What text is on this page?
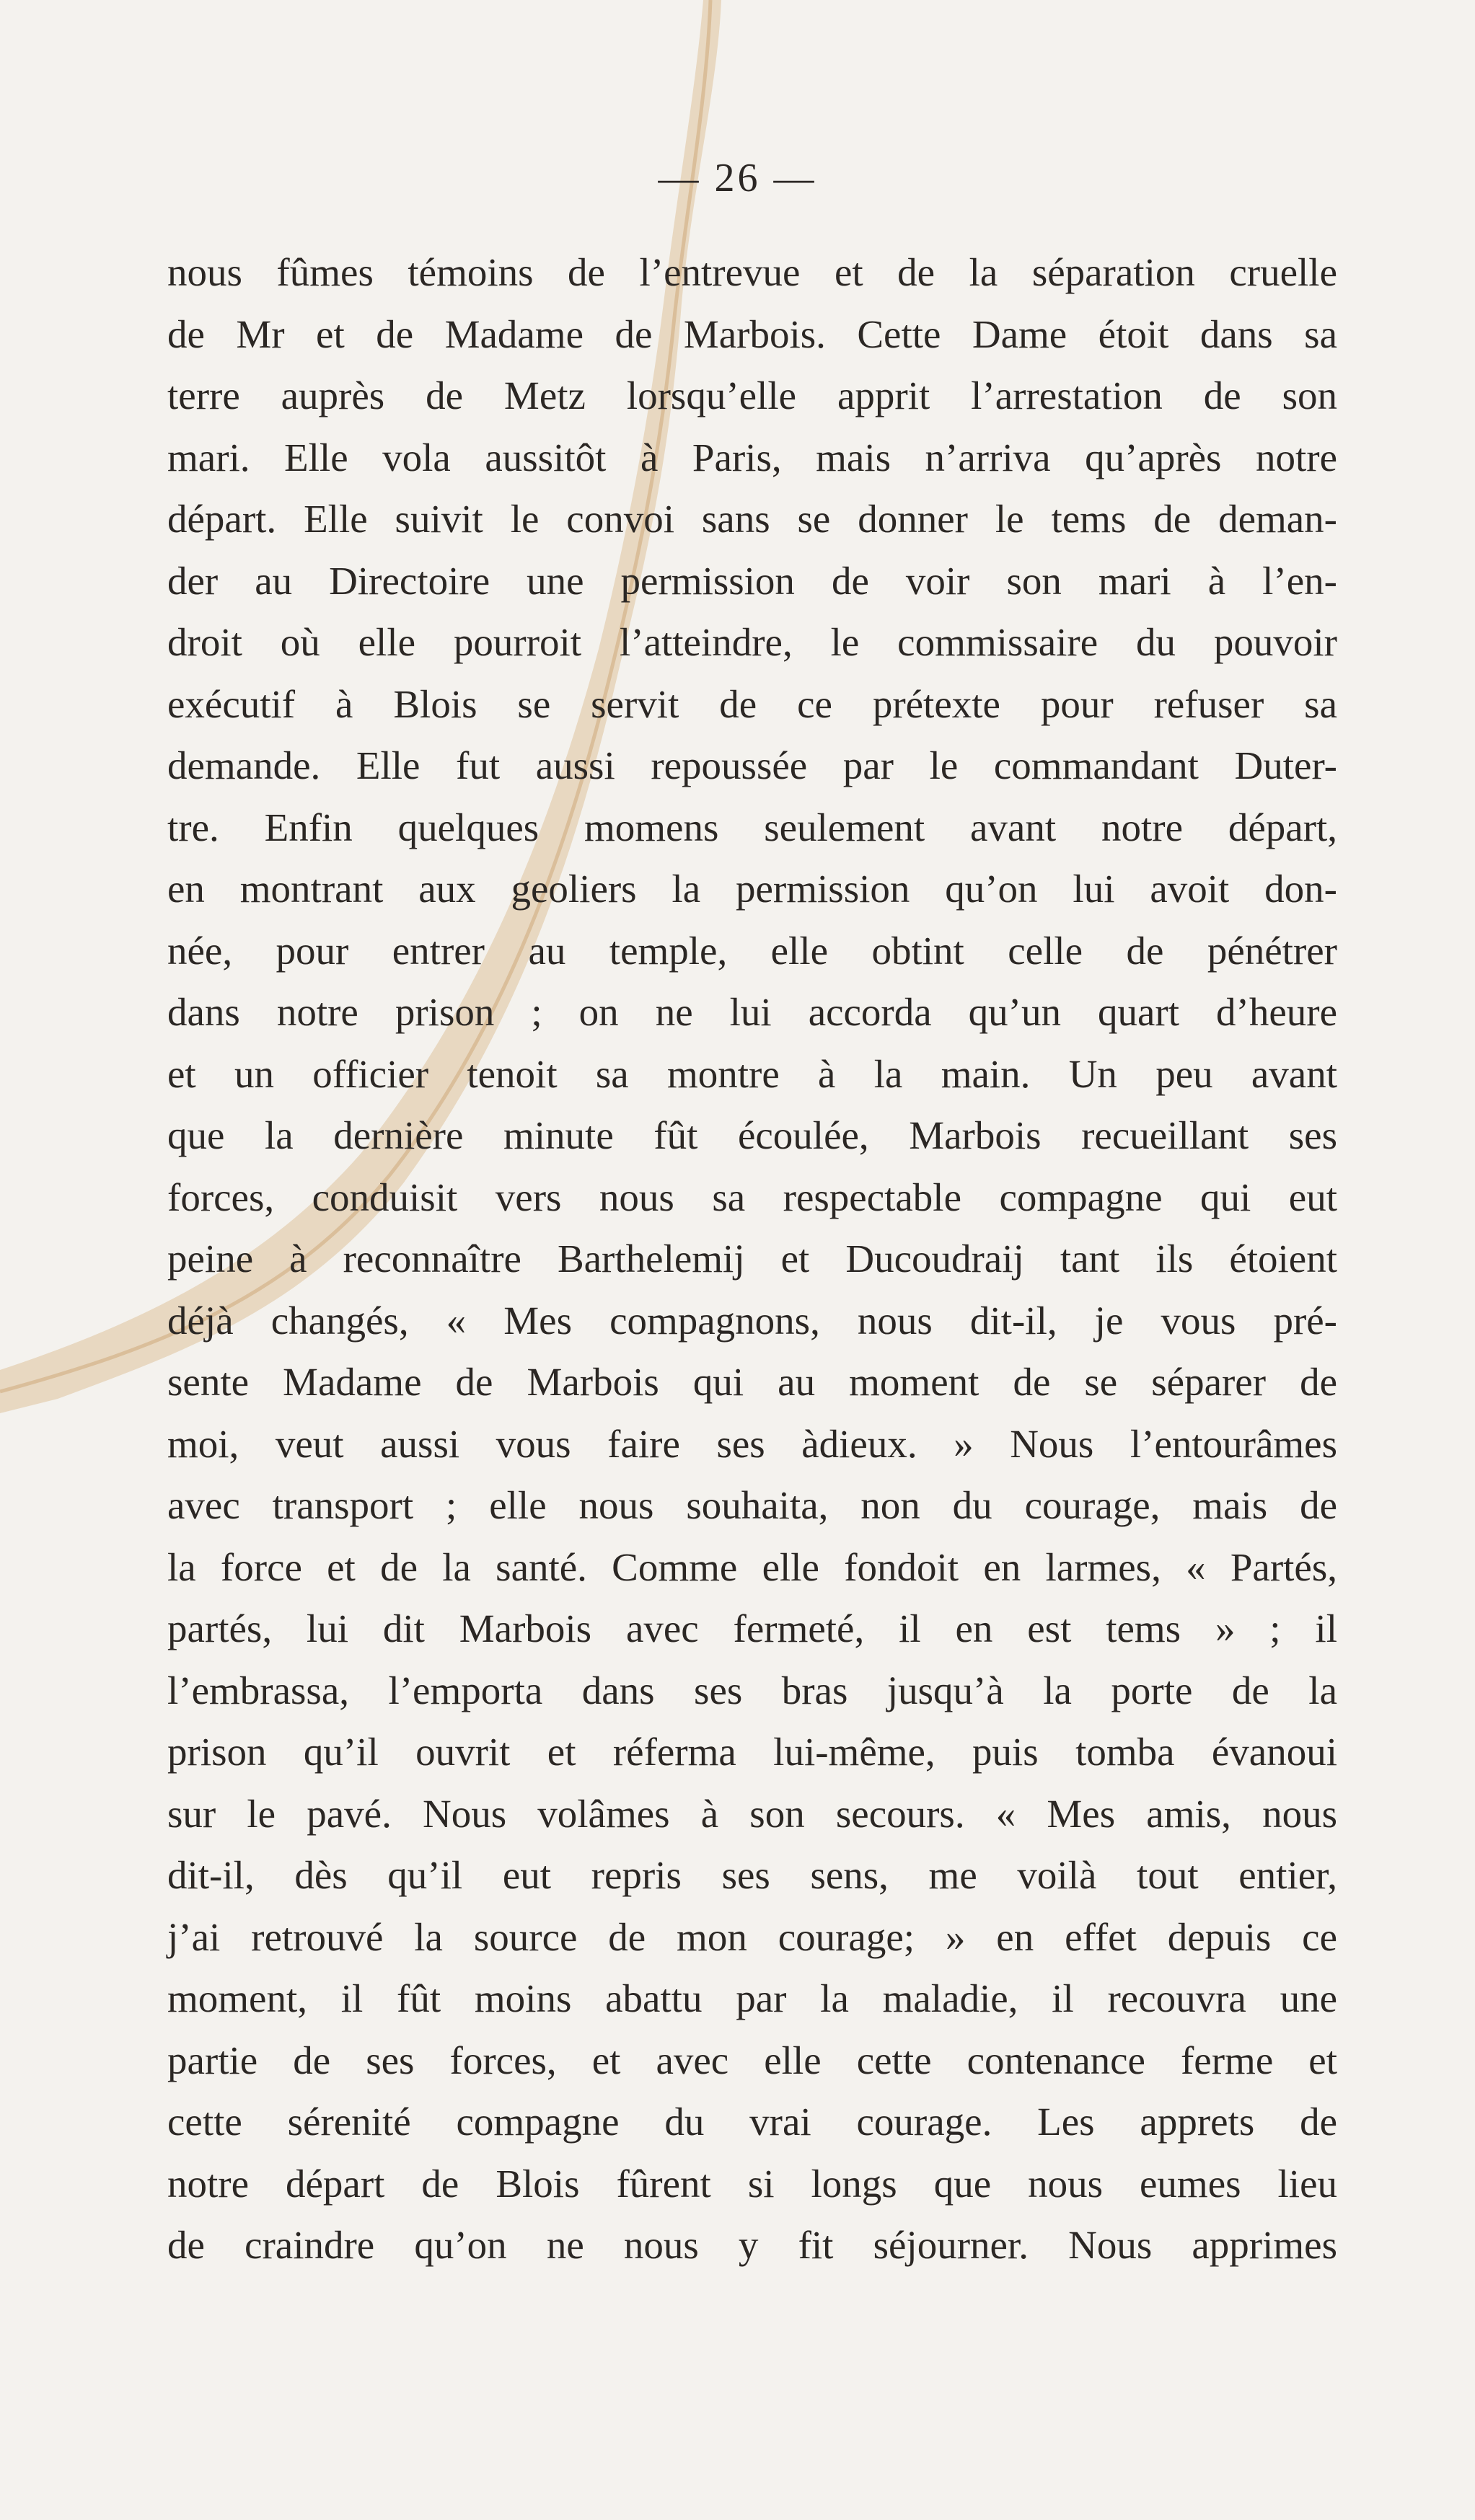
— 26 —
nous fûmes témoins de l’entrevue et de la séparation cruelle
de Mr et de Madame de Marbois. Cette Dame étoit dans sa
terre auprès de Metz lorsqu’elle apprit l’arrestation de son
mari. Elle vola aussitôt à Paris, mais n’arriva qu’après notre
départ. Elle suivit le convoi sans se donner le tems de deman-
der au Directoire une permission de voir son mari à l’en-
droit où elle pourroit l’atteindre, le commissaire du pouvoir
exécutif à Blois se servit de ce prétexte pour refuser sa
demande. Elle fut aussi repoussée par le commandant Duter-
tre. Enfin quelques momens seulement avant notre départ,
en montrant aux geoliers la permission qu’on lui avoit don-
née, pour entrer au temple, elle obtint celle de pénétrer
dans notre prison ; on ne lui accorda qu’un quart d’heure
et un officier tenoit sa montre à la main. Un peu avant
que la dernière minute fût écoulée, Marbois recueillant ses
forces, conduisit vers nous sa respectable compagne qui eut
peine à reconnaître Barthelemij et Ducoudraij tant ils étoient
déjà changés, « Mes compagnons, nous dit-il, je vous pré-
sente Madame de Marbois qui au moment de se séparer de
moi, veut aussi vous faire ses àdieux. » Nous l’entourâmes
avec transport ; elle nous souhaita, non du courage, mais de
la force et de la santé. Comme elle fondoit en larmes, « Partés,
partés, lui dit Marbois avec fermeté, il en est tems » ; il
l’embrassa, l’emporta dans ses bras jusqu’à la porte de la
prison qu’il ouvrit et réferma lui-même, puis tomba évanoui
sur le pavé. Nous volâmes à son secours. « Mes amis, nous
dit-il, dès qu’il eut repris ses sens, me voilà tout entier,
j’ai retrouvé la source de mon courage; » en effet depuis ce
moment, il fût moins abattu par la maladie, il recouvra une
partie de ses forces, et avec elle cette contenance ferme et
cette sérenité compagne du vrai courage. Les apprets de
notre départ de Blois fûrent si longs que nous eumes lieu
de craindre qu’on ne nous y fit séjourner. Nous apprimes
